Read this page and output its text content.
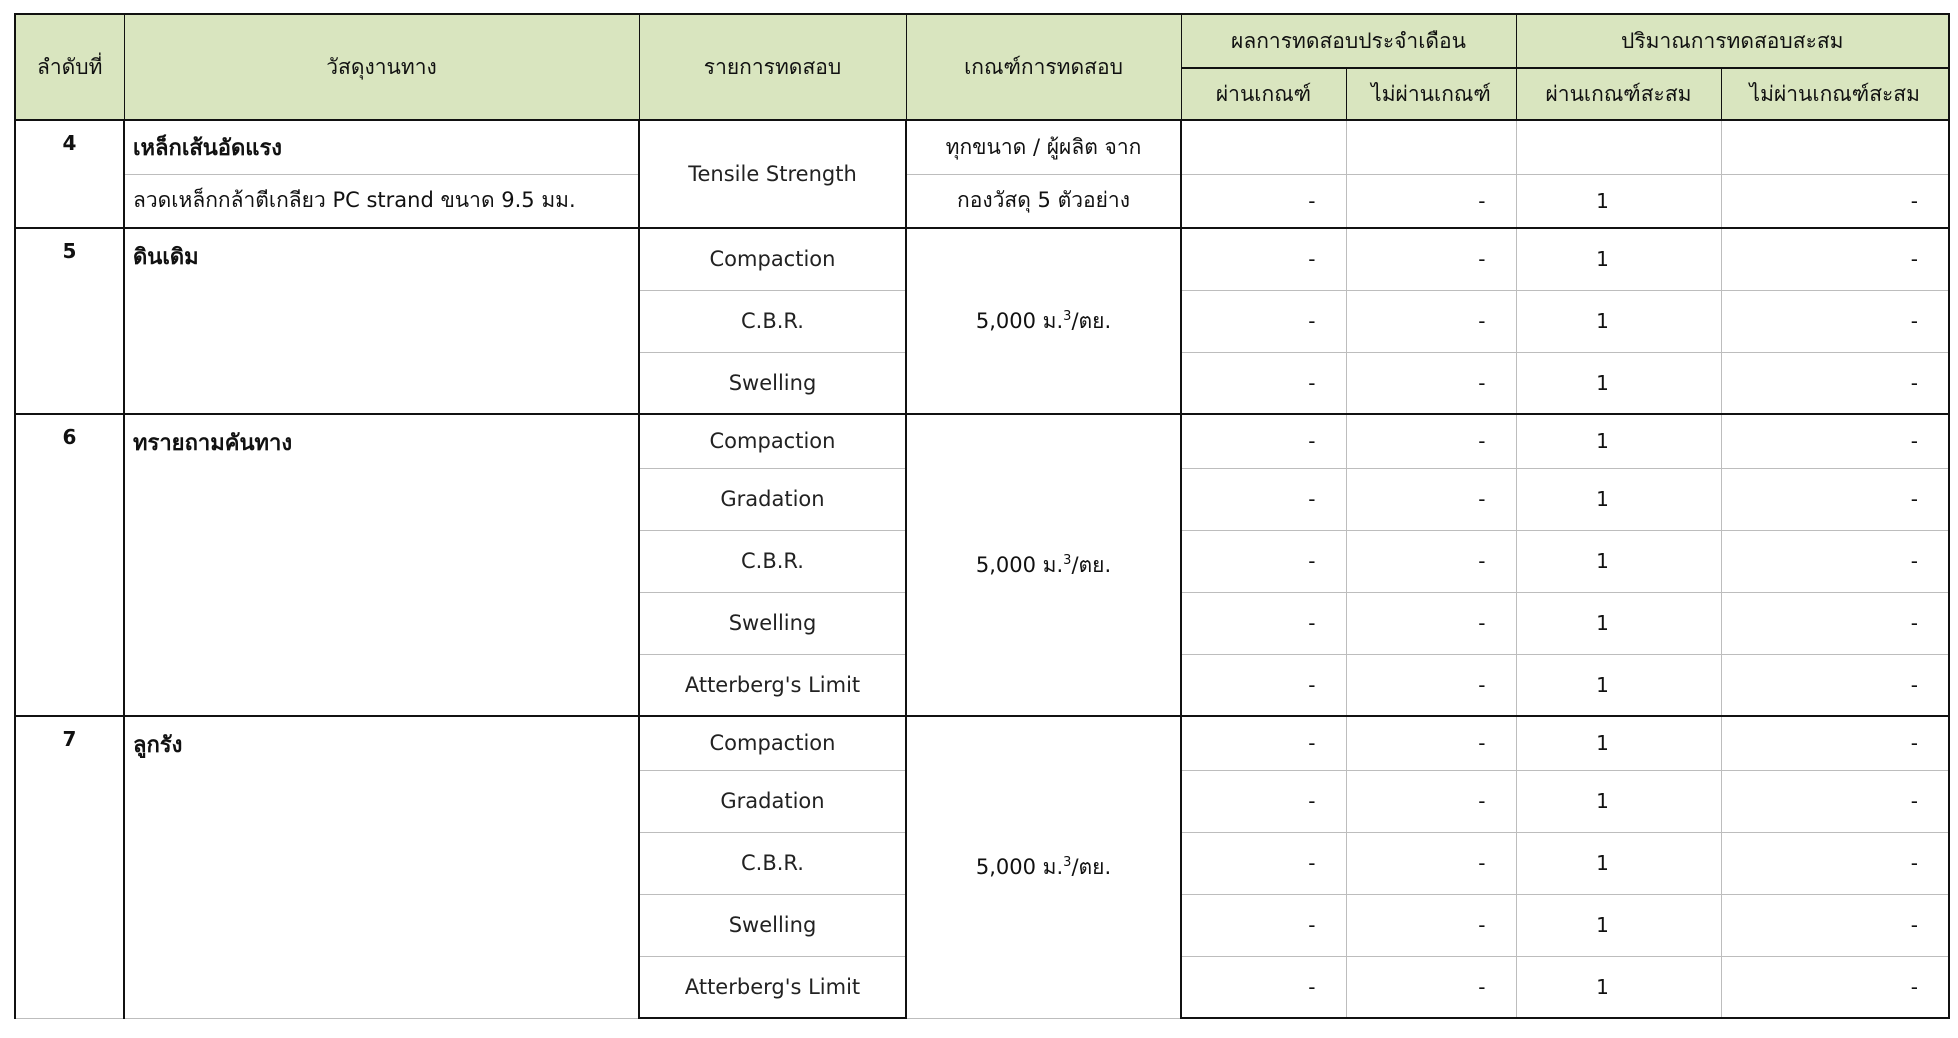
ลำดับที่	วัสดุงานทาง	รายการทดสอบ	เกณฑ์การทดสอบ	ผลการทดสอบประจำเดือน		ปริมาณการทดสอบสะสม	
				ผ่านเกณฑ์	ไม่ผ่านเกณฑ์	ผ่านเกณฑ์สะสม	ไม่ผ่านเกณฑ์สะสม
4	เหล็กเส้นอัดแรง	Tensile Strength	ทุกขนาด / ผู้ผลิต จาก				
	ลวดเหล็กกล้าตีเกลียว PC strand ขนาด 9.5 มม.		กองวัสดุ 5 ตัวอย่าง	-	-	1	-
5	ดินเดิม	Compaction	5,000 ม.$^3$/ตย.	-	-	1	-
		C.B.R.		-	-	1	-
		Swelling		-	-	1	-
6	ทรายถามคันทาง	Compaction	5,000 ม.$^3$/ตย.	-	-	1	-
		Gradation		-	-	1	-
		C.B.R.		-	-	1	-
		Swelling		-	-	1	-
		Atterberg's Limit		-	-	1	-
7	ลูกรัง	Compaction	5,000 ม.$^3$/ตย.	-	-	1	-
		Gradation		-	-	1	-
		C.B.R.		-	-	1	-
		Swelling		-	-	1	-
		Atterberg's Limit		-	-	1	-
